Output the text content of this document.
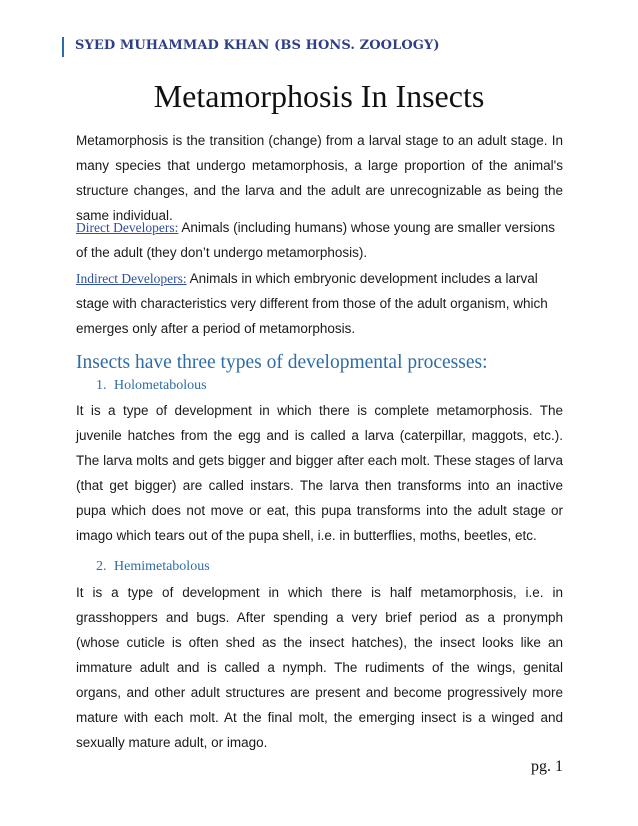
SYED MUHAMMAD KHAN (BS HONS. ZOOLOGY)
Metamorphosis In Insects

Metamorphosis is the transition (change) from a larval stage to an adult stage. In many species that undergo metamorphosis, a large proportion of the animal's structure changes, and the larva and the adult are unrecognizable as being the same individual.

Direct Developers: Animals (including humans) whose young are smaller versions of the adult (they don’t undergo metamorphosis).

Indirect Developers: Animals in which embryonic development includes a larval stage with characteristics very different from those of the adult organism, which emerges only after a period of metamorphosis.

Insects have three types of developmental processes:
1. Holometabolous

It is a type of development in which there is complete metamorphosis. The juvenile hatches from the egg and is called a larva (caterpillar, maggots, etc.). The larva molts and gets bigger and bigger after each molt. These stages of larva (that get bigger) are called instars. The larva then transforms into an inactive pupa which does not move or eat, this pupa transforms into the adult stage or imago which tears out of the pupa shell, i.e. in butterflies, moths, beetles, etc.

2. Hemimetabolous

It is a type of development in which there is half metamorphosis, i.e. in grasshoppers and bugs. After spending a very brief period as a pronymph (whose cuticle is often shed as the insect hatches), the insect looks like an immature adult and is called a nymph. The rudiments of the wings, genital organs, and other adult structures are present and become progressively more mature with each molt. At the final molt, the emerging insect is a winged and sexually mature adult, or imago.

pg. 1
